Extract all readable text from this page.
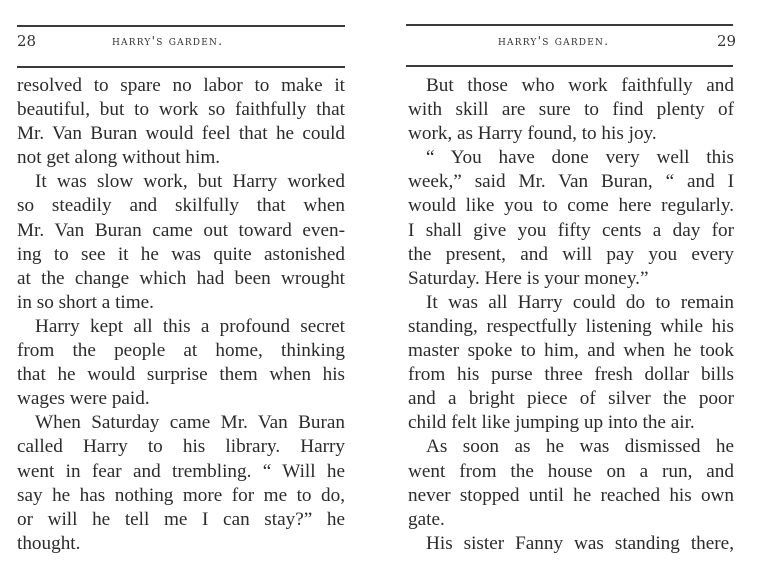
28	harry's garden.
resolved to spare no labor to make it
beautiful, but to work so faithfully that
Mr. Van Buran would feel that he could
not get along without him.
It was slow work, but Harry worked
so steadily and skilfully that when
Mr. Van Buran came out toward even-
ing to see it he was quite astonished
at the change which had been wrought
in so short a time.
Harry kept all this a profound secret
from the people at home, thinking
that he would surprise them when his
wages were paid.
When Saturday came Mr. Van Buran
called Harry to his library. Harry
went in fear and trembling. “ Will he
say he has nothing more for me to do,
or will he tell me I can stay?” he
thought.
harry's garden.	29
But those who work faithfully and
with skill are sure to find plenty of
work, as Harry found, to his joy.
“ You have done very well this
week,” said Mr. Van Buran, “ and I
would like you to come here regularly.
I shall give you fifty cents a day for
the present, and will pay you every
Saturday. Here is your money.”
It was all Harry could do to remain
standing, respectfully listening while his
master spoke to him, and when he took
from his purse three fresh dollar bills
and a bright piece of silver the poor
child felt like jumping up into the air.
As soon as he was dismissed he
went from the house on a run, and
never stopped until he reached his own
gate.
His sister Fanny was standing there,
